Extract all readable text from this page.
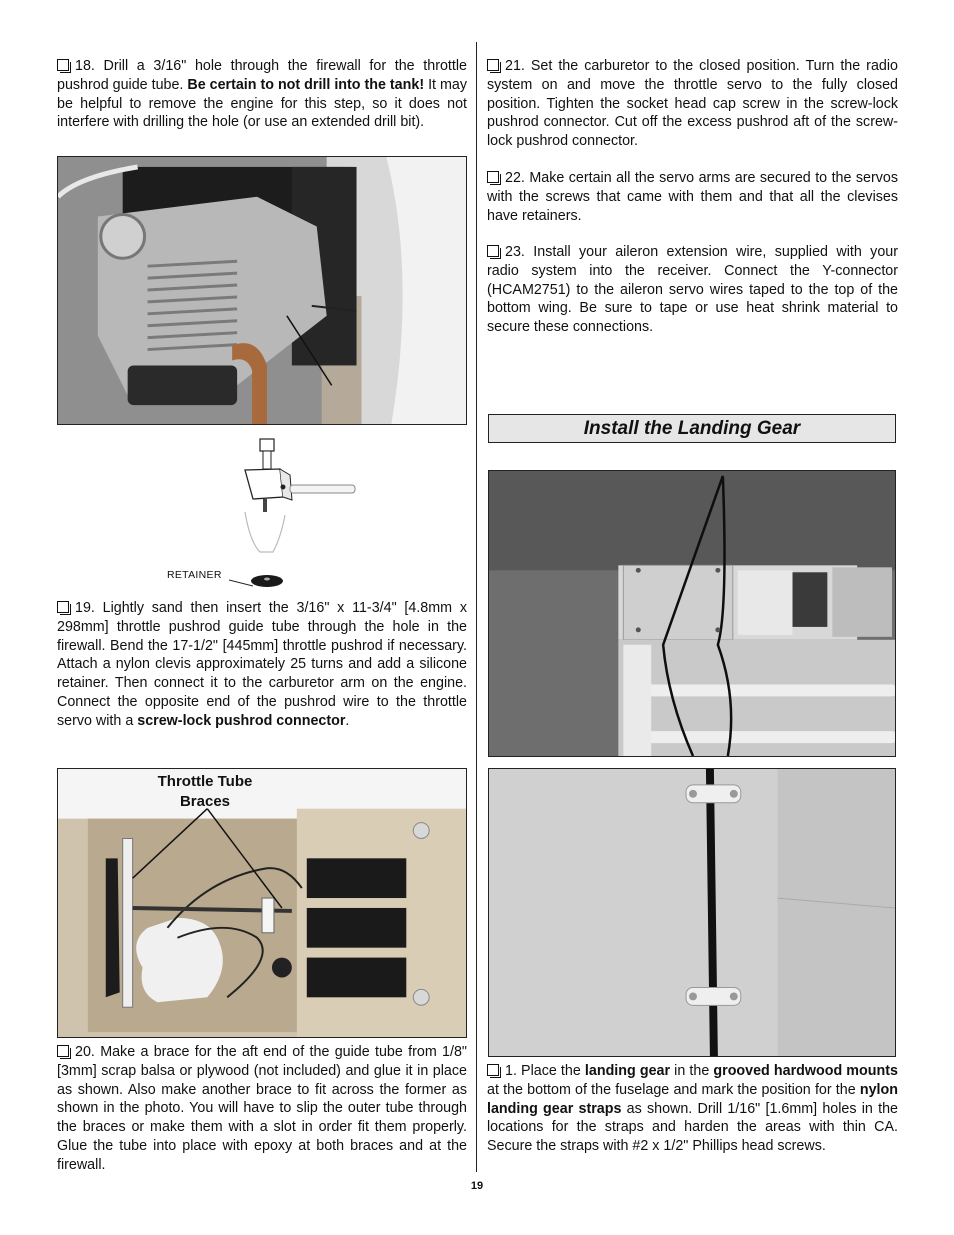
18. Drill a 3/16" hole through the firewall for the throttle pushrod guide tube. Be certain to not drill into the tank! It may be helpful to remove the engine for this step, so it does not interfere with drilling the hole (or use an extended drill bit).

RETAINER

19. Lightly sand then insert the 3/16" x 11-3/4" [4.8mm x 298mm] throttle pushrod guide tube through the hole in the firewall. Bend the 17-1/2" [445mm] throttle pushrod if necessary. Attach a nylon clevis approximately 25 turns and add a silicone retainer. Then connect it to the carburetor arm on the engine. Connect the opposite end of the pushrod wire to the throttle servo with a screw-lock pushrod connector.

Throttle Tube
Braces

20. Make a brace for the aft end of the guide tube from 1/8" [3mm] scrap balsa or plywood (not included) and glue it in place as shown. Also make another brace to fit across the former as shown in the photo. You will have to slip the outer tube through the braces or make them with a slot in order fit them properly. Glue the tube into place with epoxy at both braces and at the firewall.

21. Set the carburetor to the closed position. Turn the radio system on and move the throttle servo to the fully closed position. Tighten the socket head cap screw in the screw-lock pushrod connector. Cut off the excess pushrod aft of the screw-lock pushrod connector.

22. Make certain all the servo arms are secured to the servos with the screws that came with them and that all the clevises have retainers.

23. Install your aileron extension wire, supplied with your radio system into the receiver. Connect the Y-connector (HCAM2751) to the aileron servo wires taped to the top of the bottom wing. Be sure to tape or use heat shrink material to secure these connections.

Install the Landing Gear

1. Place the landing gear in the grooved hardwood mounts at the bottom of the fuselage and mark the position for the nylon landing gear straps as shown. Drill 1/16" [1.6mm] holes in the locations for the straps and harden the areas with thin CA. Secure the straps with #2 x 1/2" Phillips head screws.

19
